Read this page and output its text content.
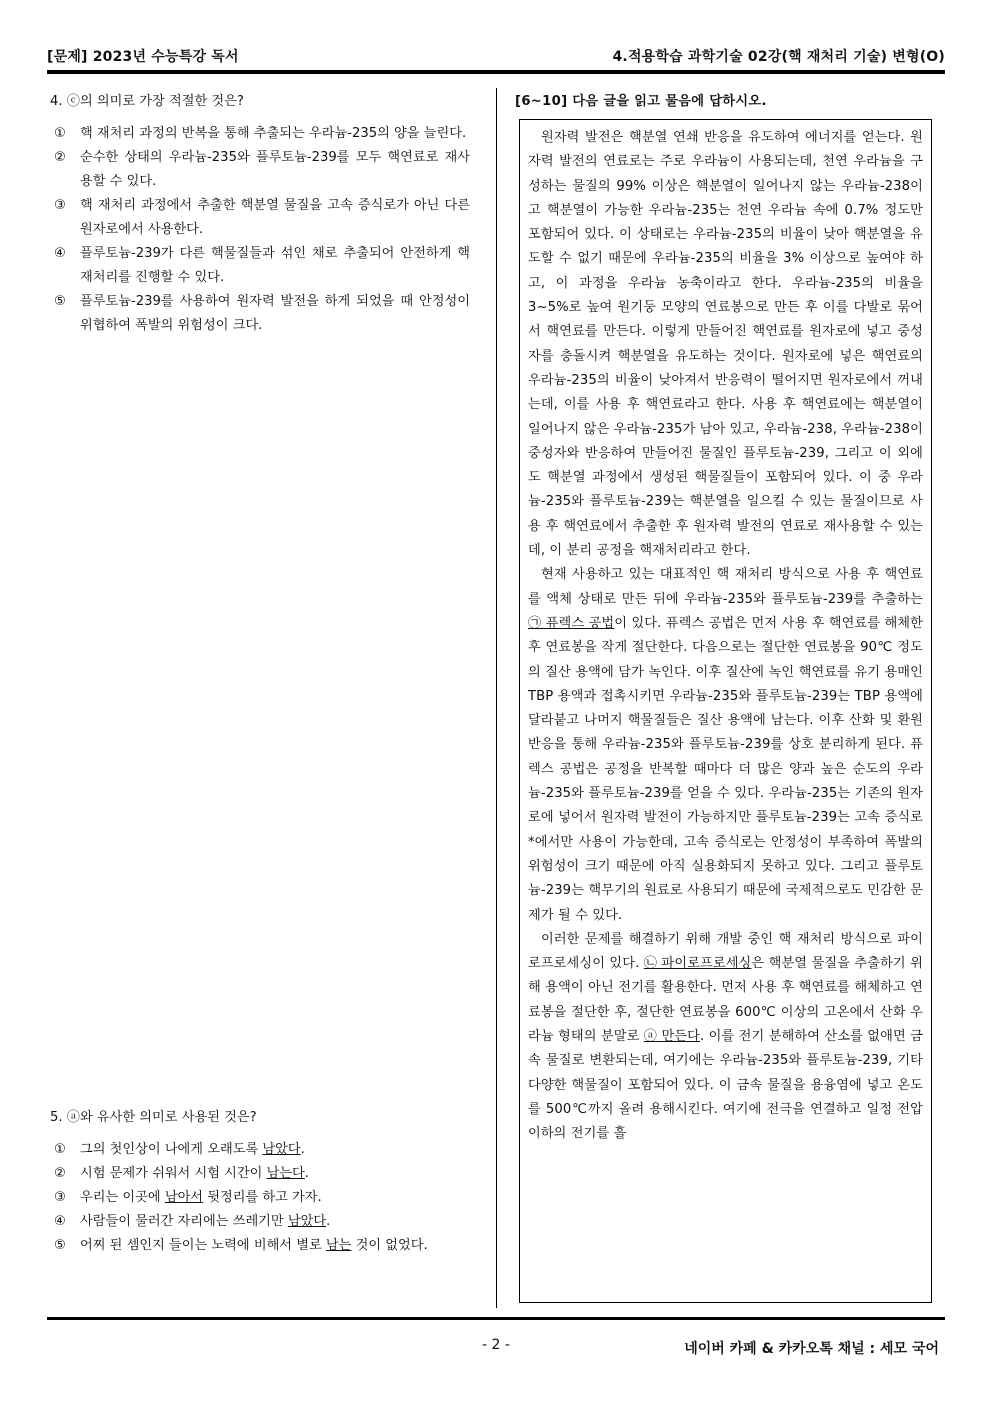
[문제] 2023년 수능특강 독서	4.적용학습 과학기술 02강(핵 재처리 기술) 변형(O)

4. ⓒ의 의미로 가장 적절한 것은?

① 핵 재처리 과정의 반복을 통해 추출되는 우라늄-235의 양을 늘린다.
② 순수한 상태의 우라늄-235와 플루토늄-239를 모두 핵연료로 재사용할 수 있다.
③ 핵 재처리 과정에서 추출한 핵분열 물질을 고속 증식로가 아닌 다른 원자로에서 사용한다.
④ 플루토늄-239가 다른 핵물질들과 섞인 채로 추출되어 안전하게 핵 재처리를 진행할 수 있다.
⑤ 플루토늄-239를 사용하여 원자력 발전을 하게 되었을 때 안정성이 위협하여 폭발의 위험성이 크다.

5. ⓐ와 유사한 의미로 사용된 것은?

① 그의 첫인상이 나에게 오래도록 남았다.
② 시험 문제가 쉬워서 시험 시간이 남는다.
③ 우리는 이곳에 남아서 뒷정리를 하고 가자.
④ 사람들이 물러간 자리에는 쓰레기만 남았다.
⑤ 어찌 된 셈인지 들이는 노력에 비해서 별로 남는 것이 없었다.

[6~10] 다음 글을 읽고 물음에 답하시오.

원자력 발전은 핵분열 연쇄 반응을 유도하여 에너지를 얻는다. 원자력 발전의 연료로는 주로 우라늄이 사용되는데, 천연 우라늄을 구성하는 물질의 99% 이상은 핵분열이 일어나지 않는 우라늄-238이고 핵분열이 가능한 우라늄-235는 천연 우라늄 속에 0.7% 정도만 포함되어 있다. 이 상태로는 우라늄-235의 비율이 낮아 핵분열을 유도할 수 없기 때문에 우라늄-235의 비율을 3% 이상으로 높여야 하고, 이 과정을 우라늄 농축이라고 한다. 우라늄-235의 비율을 3~5%로 높여 원기둥 모양의 연료봉으로 만든 후 이를 다발로 묶어서 핵연료를 만든다. 이렇게 만들어진 핵연료를 원자로에 넣고 중성자를 충돌시켜 핵분열을 유도하는 것이다. 원자로에 넣은 핵연료의 우라늄-235의 비율이 낮아져서 반응력이 떨어지면 원자로에서 꺼내는데, 이를 사용 후 핵연료라고 한다. 사용 후 핵연료에는 핵분열이 일어나지 않은 우라늄-235가 남아 있고, 우라늄-238, 우라늄-238이 중성자와 반응하여 만들어진 물질인 플루토늄-239, 그리고 이 외에도 핵분열 과정에서 생성된 핵물질들이 포함되어 있다. 이 중 우라늄-235와 플루토늄-239는 핵분열을 일으킬 수 있는 물질이므로 사용 후 핵연료에서 추출한 후 원자력 발전의 연료로 재사용할 수 있는데, 이 분리 공정을 핵재처리라고 한다.

현재 사용하고 있는 대표적인 핵 재처리 방식으로 사용 후 핵연료를 액체 상태로 만든 뒤에 우라늄-235와 플루토늄-239를 추출하는 ㉠ 퓨렉스 공법이 있다. 퓨렉스 공법은 먼저 사용 후 핵연료를 해체한 후 연료봉을 작게 절단한다. 다음으로는 절단한 연료봉을 90℃ 정도의 질산 용액에 담가 녹인다. 이후 질산에 녹인 핵연료를 유기 용매인 TBP 용액과 접촉시키면 우라늄-235와 플루토늄-239는 TBP 용액에 달라붙고 나머지 핵물질들은 질산 용액에 남는다. 이후 산화 및 환원 반응을 통해 우라늄-235와 플루토늄-239를 상호 분리하게 된다. 퓨렉스 공법은 공정을 반복할 때마다 더 많은 양과 높은 순도의 우라늄-235와 플루토늄-239를 얻을 수 있다. 우라늄-235는 기존의 원자로에 넣어서 원자력 발전이 가능하지만 플루토늄-239는 고속 증식로*에서만 사용이 가능한데, 고속 증식로는 안정성이 부족하여 폭발의 위험성이 크기 때문에 아직 실용화되지 못하고 있다. 그리고 플루토늄-239는 핵무기의 원료로 사용되기 때문에 국제적으로도 민감한 문제가 될 수 있다.

이러한 문제를 해결하기 위해 개발 중인 핵 재처리 방식으로 파이로프로세싱이 있다. ㉡ 파이로프로세싱은 핵분열 물질을 추출하기 위해 용액이 아닌 전기를 활용한다. 먼저 사용 후 핵연료를 해체하고 연료봉을 절단한 후, 절단한 연료봉을 600℃ 이상의 고온에서 산화 우라늄 형태의 분말로 ⓐ 만든다. 이를 전기 분해하여 산소를 없애면 금속 물질로 변환되는데, 여기에는 우라늄-235와 플루토늄-239, 기타 다양한 핵물질이 포함되어 있다. 이 금속 물질을 용융염에 넣고 온도를 500℃까지 올려 용해시킨다. 여기에 전극을 연결하고 일정 전압 이하의 전기를 흘

- 2 -	네이버 카페 & 카카오톡 채널 : 세모 국어
